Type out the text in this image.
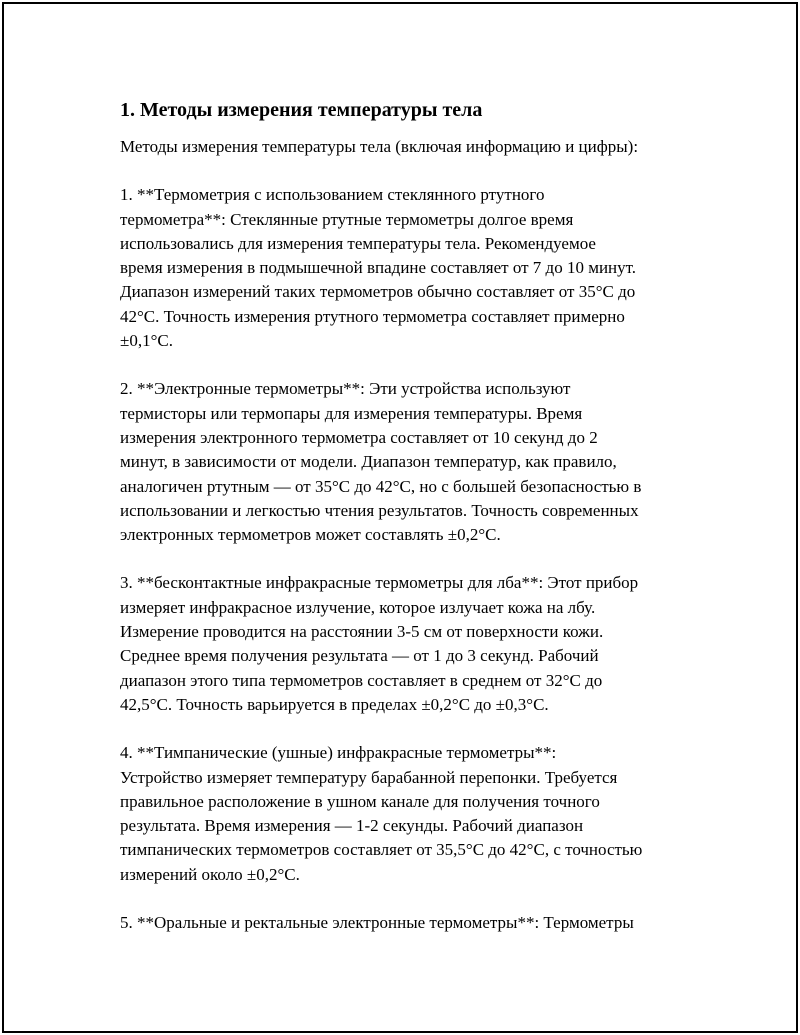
1. Методы измерения температуры тела
Методы измерения температуры тела (включая информацию и цифры):
1. **Термометрия с использованием стеклянного ртутного
термометра**: Стеклянные ртутные термометры долгое время
использовались для измерения температуры тела. Рекомендуемое
время измерения в подмышечной впадине составляет от 7 до 10 минут.
Диапазон измерений таких термометров обычно составляет от 35°C до
42°C. Точность измерения ртутного термометра составляет примерно
±0,1°C.
2. **Электронные термометры**: Эти устройства используют
термисторы или термопары для измерения температуры. Время
измерения электронного термометра составляет от 10 секунд до 2
минут, в зависимости от модели. Диапазон температур, как правило,
аналогичен ртутным — от 35°C до 42°C, но с большей безопасностью в
использовании и легкостью чтения результатов. Точность современных
электронных термометров может составлять ±0,2°C.
3. **бесконтактные инфракрасные термометры для лба**: Этот прибор
измеряет инфракрасное излучение, которое излучает кожа на лбу.
Измерение проводится на расстоянии 3-5 см от поверхности кожи.
Среднее время получения результата — от 1 до 3 секунд. Рабочий
диапазон этого типа термометров составляет в среднем от 32°C до
42,5°C. Точность варьируется в пределах ±0,2°C до ±0,3°C.
4. **Тимпанические (ушные) инфракрасные термометры**:
Устройство измеряет температуру барабанной перепонки. Требуется
правильное расположение в ушном канале для получения точного
результата. Время измерения — 1-2 секунды. Рабочий диапазон
тимпанических термометров составляет от 35,5°C до 42°C, с точностью
измерений около ±0,2°C.
5. **Оральные и ректальные электронные термометры**: Термометры
